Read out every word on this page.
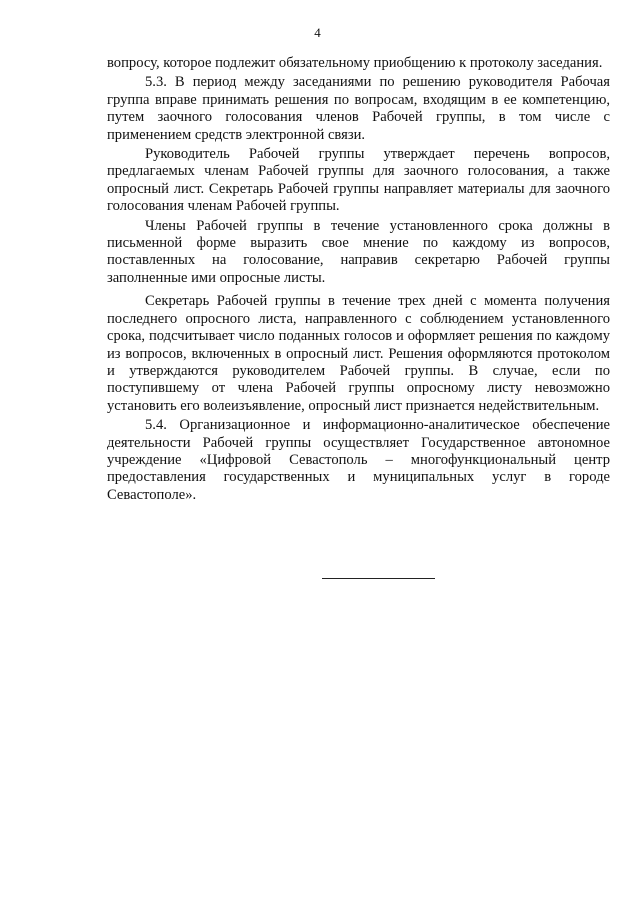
4

вопросу, которое подлежит обязательному приобщению к протоколу заседания.

5.3. В период между заседаниями по решению руководителя Рабочая группа вправе принимать решения по вопросам, входящим в ее компетенцию, путем заочного голосования членов Рабочей группы, в том числе с применением средств электронной связи.

Руководитель Рабочей группы утверждает перечень вопросов, предлагаемых членам Рабочей группы для заочного голосования, а также опросный лист. Секретарь Рабочей группы направляет материалы для заочного голосования членам Рабочей группы.

Члены Рабочей группы в течение установленного срока должны в письменной форме выразить свое мнение по каждому из вопросов, поставленных на голосование, направив секретарю Рабочей группы заполненные ими опросные листы.

Секретарь Рабочей группы в течение трех дней с момента получения последнего опросного листа, направленного с соблюдением установленного срока, подсчитывает число поданных голосов и оформляет решения по каждому из вопросов, включенных в опросный лист. Решения оформляются протоколом и утверждаются руководителем Рабочей группы. В случае, если по поступившему от члена Рабочей группы опросному листу невозможно установить его волеизъявление, опросный лист признается недействительным.

5.4. Организационное и информационно-аналитическое обеспечение деятельности Рабочей группы осуществляет Государственное автономное учреждение «Цифровой Севастополь – многофункциональный центр предоставления государственных и муниципальных услуг в городе Севастополе».
